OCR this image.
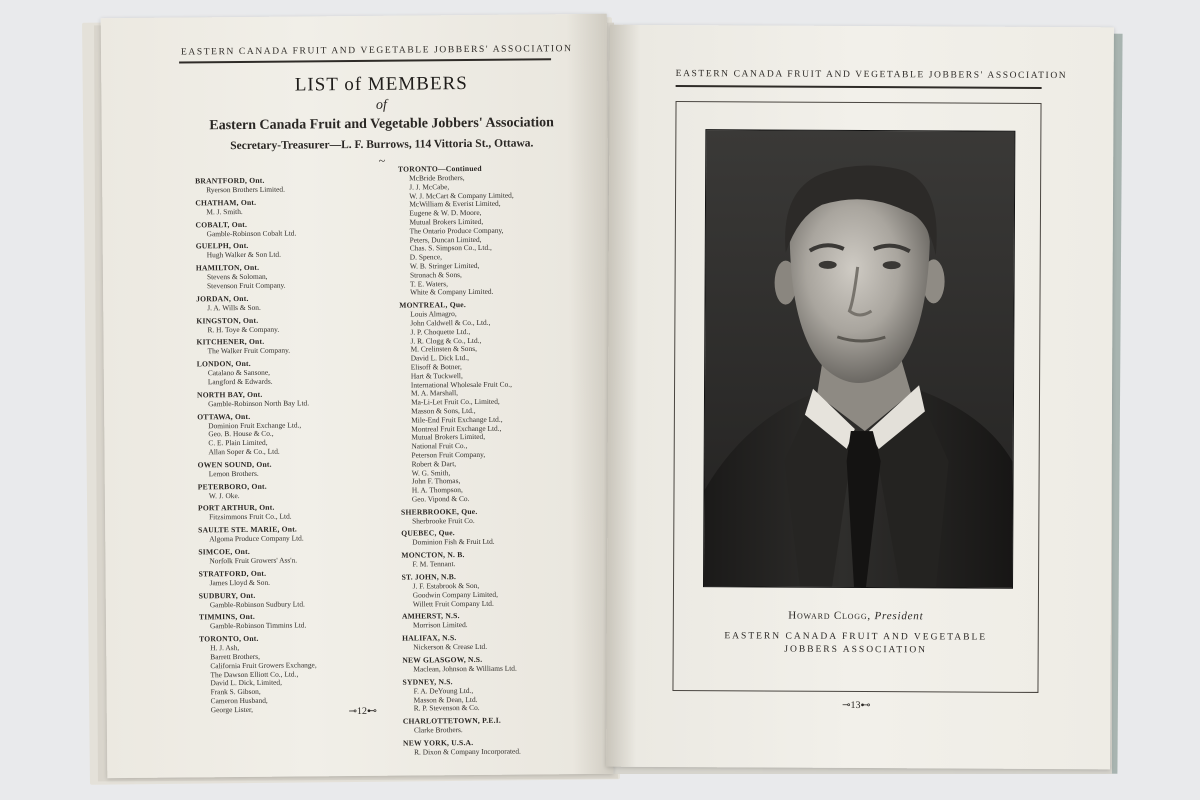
EASTERN CANADA FRUIT AND VEGETABLE JOBBERS' ASSOCIATION
LIST of MEMBERS
of
Eastern Canada Fruit and Vegetable Jobbers' Association
Secretary-Treasurer—L. F. Burrows, 114 Vittoria St., Ottawa.
~
BRANTFORD, Ont.
Ryerson Brothers Limited.
CHATHAM, Ont.
M. J. Smith.
COBALT, Ont.
Gamble-Robinson Cobalt Ltd.
GUELPH, Ont.
Hugh Walker & Son Ltd.
HAMILTON, Ont.
Stevens & Soloman,
Stevenson Fruit Company.
JORDAN, Ont.
J. A. Wills & Son.
KINGSTON, Ont.
R. H. Toye & Company.
KITCHENER, Ont.
The Walker Fruit Company.
LONDON, Ont.
Catalano & Sansone,
Langford & Edwards.
NORTH BAY, Ont.
Gamble-Robinson North Bay Ltd.
OTTAWA, Ont.
Dominion Fruit Exchange Ltd.,
Geo. B. House & Co.,
C. E. Plain Limited,
Allan Soper & Co., Ltd.
OWEN SOUND, Ont.
Lemon Brothers.
PETERBORO, Ont.
W. J. Oke.
PORT ARTHUR, Ont.
Fitzsimmons Fruit Co., Ltd.
SAULTE STE. MARIE, Ont.
Algoma Produce Company Ltd.
SIMCOE, Ont.
Norfolk Fruit Growers' Ass'n.
STRATFORD, Ont.
James Lloyd & Son.
SUDBURY, Ont.
Gamble-Robinson Sudbury Ltd.
TIMMINS, Ont.
Gamble-Robinson Timmins Ltd.
TORONTO, Ont.
H. J. Ash,
Barrett Brothers,
California Fruit Growers Exchange,
The Dawson Elliott Co., Ltd.,
David L. Dick, Limited,
Frank S. Gibson,
Cameron Husband,
George Lister,
TORONTO—Continued
McBride Brothers,
J. J. McCabe,
W. J. McCart & Company Limited,
McWilliam & Everist Limited,
Eugene & W. D. Moore,
Mutual Brokers Limited,
The Ontario Produce Company,
Peters, Duncan Limited,
Chas. S. Simpson Co., Ltd.,
D. Spence,
W. B. Stringer Limited,
Stronach & Sons,
T. E. Waters,
White & Company Limited.
MONTREAL, Que.
Louis Almagro,
John Caldwell & Co., Ltd.,
J. P. Choquette Ltd.,
J. R. Clogg & Co., Ltd.,
M. Crelinsten & Sons,
David L. Dick Ltd.,
Elisoff & Botner,
Hart & Tuckwell,
International Wholesale Fruit Co.,
M. A. Marshall,
Ma-Li-Let Fruit Co., Limited,
Masson & Sons, Ltd.,
Mile-End Fruit Exchange Ltd.,
Montreal Fruit Exchange Ltd.,
Mutual Brokers Limited,
National Fruit Co.,
Peterson Fruit Company,
Robert & Dart,
W. G. Smith,
John F. Thomas,
H. A. Thompson,
Geo. Vipond & Co.
SHERBROOKE, Que.
Sherbrooke Fruit Co.
QUEBEC, Que.
Dominion Fish & Fruit Ltd.
MONCTON, N. B.
F. M. Tennant.
ST. JOHN, N.B.
J. F. Estabrook & Son,
Goodwin Company Limited,
Willett Fruit Company Ltd.
AMHERST, N.S.
Morrison Limited.
HALIFAX, N.S.
Nickerson & Crease Ltd.
NEW GLASGOW, N.S.
Maclean, Johnson & Williams Ltd.
SYDNEY, N.S.
F. A. DeYoung Ltd.,
Masson & Dean, Ltd.
R. P. Stevenson & Co.
CHARLOTTETOWN, P.E.I.
Clarke Brothers.
NEW YORK, U.S.A.
R. Dixon & Company Incorporated.
⊸12⊷
EASTERN CANADA FRUIT AND VEGETABLE JOBBERS' ASSOCIATION
Howard Clogg, President
EASTERN CANADA FRUIT AND VEGETABLE
JOBBERS ASSOCIATION
⊸13⊷
